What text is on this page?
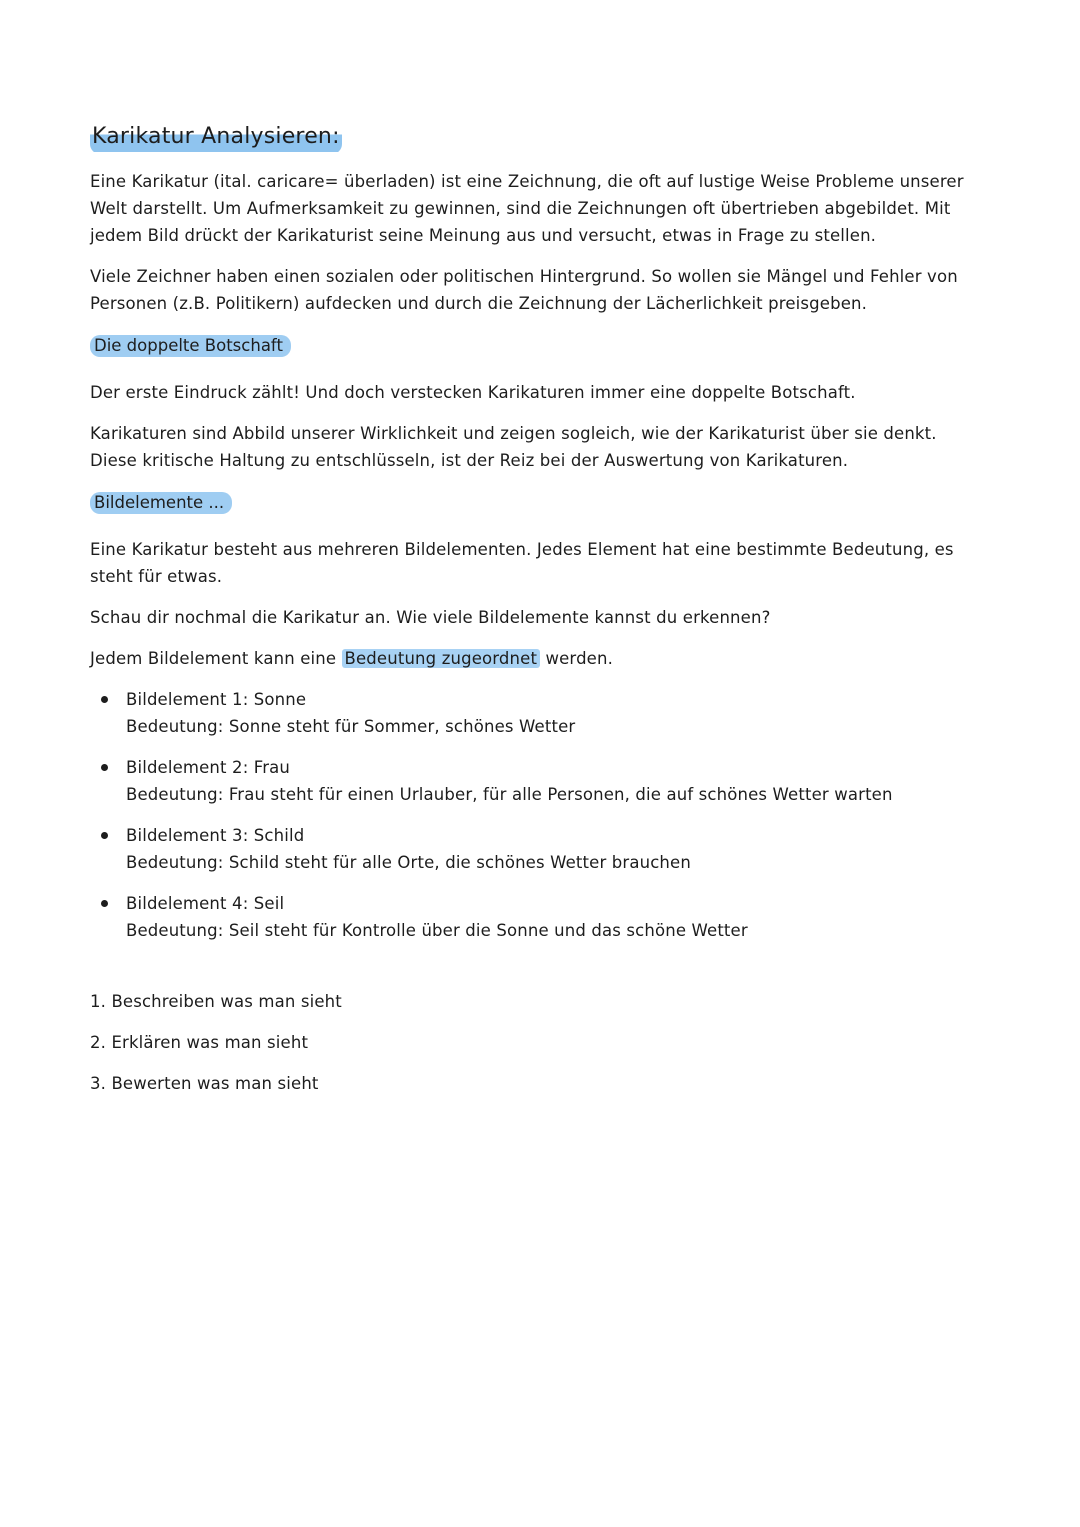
Karikatur Analysieren:

Eine Karikatur (ital. caricare= überladen) ist eine Zeichnung, die oft auf lustige Weise Probleme unserer Welt darstellt. Um Aufmerksamkeit zu gewinnen, sind die Zeichnungen oft übertrieben abgebildet. Mit jedem Bild drückt der Karikaturist seine Meinung aus und versucht, etwas in Frage zu stellen.

Viele Zeichner haben einen sozialen oder politischen Hintergrund. So wollen sie Mängel und Fehler von Personen (z.B. Politikern) aufdecken und durch die Zeichnung der Lächerlichkeit preisgeben.

Die doppelte Botschaft

Der erste Eindruck zählt! Und doch verstecken Karikaturen immer eine doppelte Botschaft.

Karikaturen sind Abbild unserer Wirklichkeit und zeigen sogleich, wie der Karikaturist über sie denkt. Diese kritische Haltung zu entschlüsseln, ist der Reiz bei der Auswertung von Karikaturen.

Bildelemente ...

Eine Karikatur besteht aus mehreren Bildelementen. Jedes Element hat eine bestimmte Bedeutung, es steht für etwas.

Schau dir nochmal die Karikatur an. Wie viele Bildelemente kannst du erkennen?

Jedem Bildelement kann eine Bedeutung zugeordnet werden.

Bildelement 1: Sonne
Bedeutung: Sonne steht für Sommer, schönes Wetter
Bildelement 2: Frau
Bedeutung: Frau steht für einen Urlauber, für alle Personen, die auf schönes Wetter warten
Bildelement 3: Schild
Bedeutung: Schild steht für alle Orte, die schönes Wetter brauchen
Bildelement 4: Seil
Bedeutung: Seil steht für Kontrolle über die Sonne und das schöne Wetter

1. Beschreiben was man sieht

2. Erklären was man sieht

3. Bewerten was man sieht
